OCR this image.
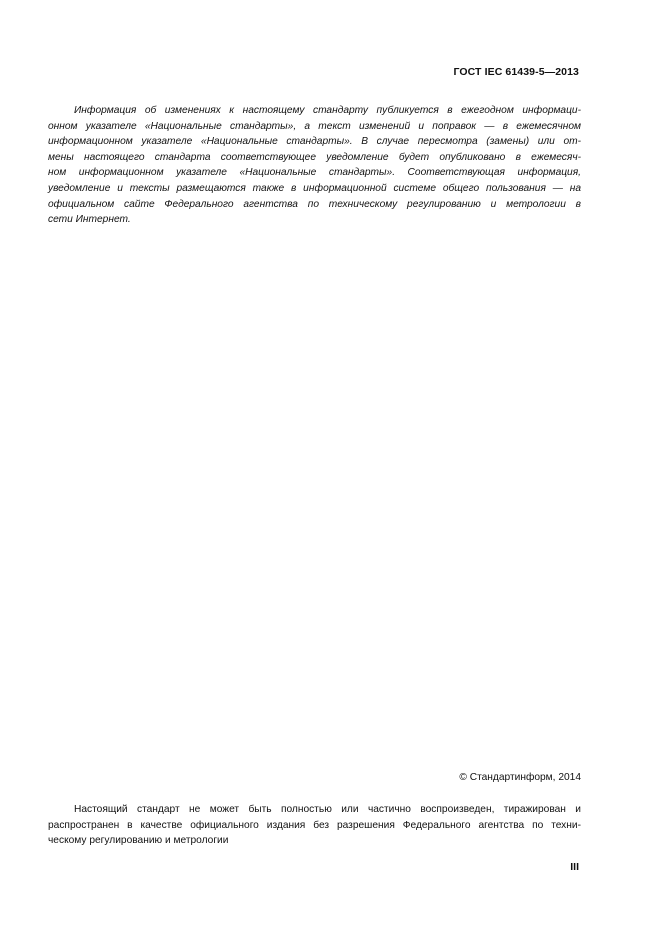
ГОСТ IEC 61439-5—2013
Информация об изменениях к настоящему стандарту публикуется в ежегодном информаци-
онном указателе «Национальные стандарты», а текст изменений и поправок — в ежемесячном
информационном указателе «Национальные стандарты». В случае пересмотра (замены) или от-
мены настоящего стандарта соответствующее уведомление будет опубликовано в ежемесяч-
ном информационном указателе «Национальные стандарты». Соответствующая информация,
уведомление и тексты размещаются также в информационной системе общего пользования — на
официальном сайте Федерального агентства по техническому регулированию и метрологии в
сети Интернет.
© Стандартинформ, 2014
Настоящий стандарт не может быть полностью или частично воспроизведен, тиражирован и
распространен в качестве официального издания без разрешения Федерального агентства по техни-
ческому регулированию и метрологии
III
